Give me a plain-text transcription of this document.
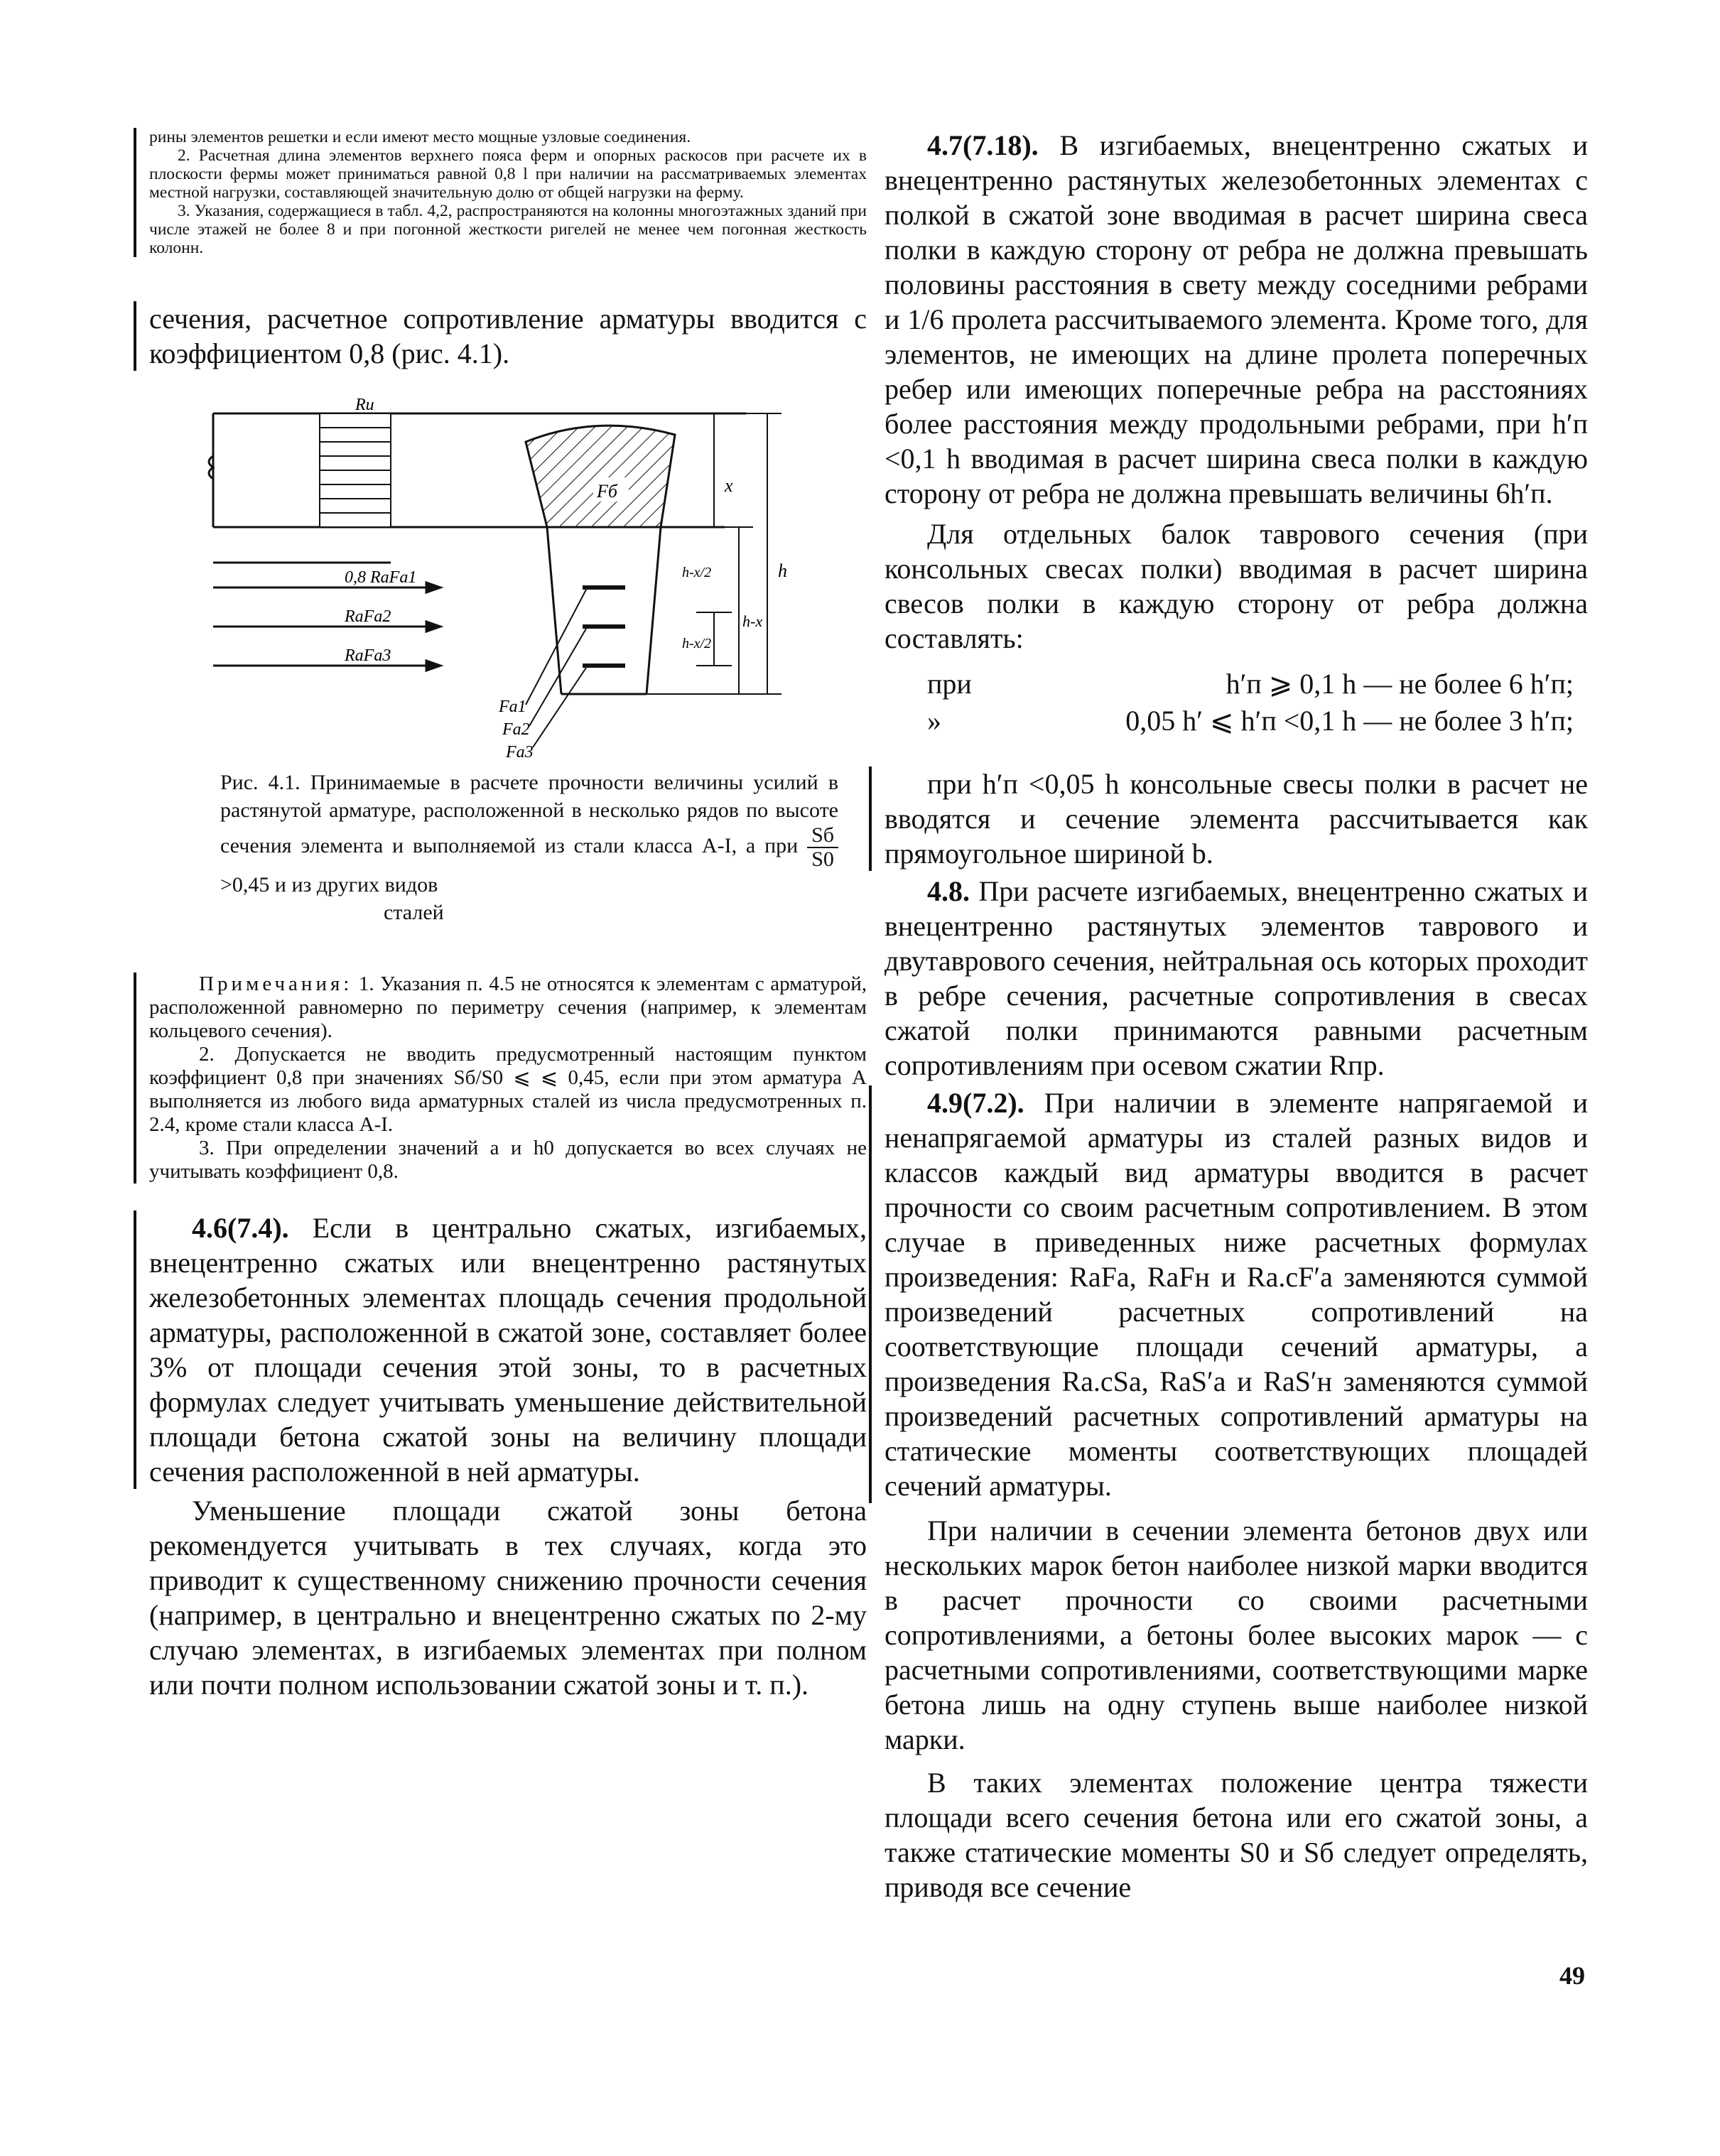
рины элементов решетки и если имеют место мощные узловые соединения.

2. Расчетная длина элементов верхнего пояса ферм и опорных раскосов при расчете их в плоскости фермы может приниматься равной 0,8 l при наличии на рассматриваемых элементах местной нагрузки, составляющей значительную долю от общей нагрузки на ферму.

3. Указания, содержащиеся в табл. 4,2, распространяются на колонны многоэтажных зданий при числе этажей не более 8 и при погонной жесткости ригелей не менее чем погонная жесткость колонн.

сечения, расчетное сопротивление арматуры вводится с коэффициентом 0,8 (рис. 4.1).

Rи
Fб
0,8 RaFa1
RaFa2
RaFa3
Fa1
Fa2
Fa3
x
h
h-x
h-x/2
h-x/2

Рис. 4.1. Принимаемые в расчете прочности величины усилий в растянутой арматуре, расположенной в несколько рядов по высоте сечения элемента и выполняемой из стали класса А-I, а при $\frac{Sб}{S0}$
>0,45 и из других видов

сталей

Примечания: 1. Указания п. 4.5 не относятся к элементам с арматурой, расположенной равномерно по периметру сечения (например, к элементам кольцевого сечения).

2. Допускается не вводить предусмотренный настоящим пунктом коэффициент 0,8 при значениях Sб/S0 ⩽ ⩽ 0,45, если при этом арматура A выполняется из любого вида арматурных сталей из числа предусмотренных п. 2.4, кроме стали класса А-I.

3. При определении значений a и h0 допускается во всех случаях не учитывать коэффициент 0,8.

4.6(7.4). Если в центрально сжатых, изгибаемых, внецентренно сжатых или внецентренно растянутых железобетонных элементах площадь сечения продольной арматуры, расположенной в сжатой зоне, составляет более 3% от площади сечения этой зоны, то в расчетных формулах следует учитывать уменьшение действительной площади бетона сжатой зоны на величину площади сечения расположенной в ней арматуры.

Уменьшение площади сжатой зоны бетона рекомендуется учитывать в тех случаях, когда это приводит к существенному снижению прочности сечения (например, в центрально и внецентренно сжатых по 2-му случаю элементах, в изгибаемых элементах при полном или почти полном использовании сжатой зоны и т. п.).

4.7(7.18). В изгибаемых, внецентренно сжатых и внецентренно растянутых железобетонных элементах с полкой в сжатой зоне вводимая в расчет ширина свеса полки в каждую сторону от ребра не должна превышать половины расстояния в свету между соседними ребрами и 1/6 пролета рассчитываемого элемента. Кроме того, для элементов, не имеющих на длине пролета поперечных ребер или имеющих поперечные ребра на расстояниях более расстояния между продольными ребрами, при h′п <0,1 h вводимая в расчет ширина свеса полки в каждую сторону от ребра не должна превышать величины 6h′п.

Для отдельных балок таврового сечения (при консольных свесах полки) вводимая в расчет ширина свесов полки в каждую сторону от ребра должна составлять:

при	h′п ⩾ 0,1 h — не более 6 h′п;
»	0,05 h′ ⩽ h′п <0,1 h — не более 3 h′п;

при h′п <0,05 h консольные свесы полки в расчет не вводятся и сечение элемента рассчитывается как прямоугольное шириной b.

4.8. При расчете изгибаемых, внецентренно сжатых и внецентренно растянутых элементов таврового и двутаврового сечения, нейтральная ось которых проходит в ребре сечения, расчетные сопротивления в свесах сжатой полки принимаются равными расчетным сопротивлениям при осевом сжатии Rпр.

4.9(7.2). При наличии в элементе напрягаемой и ненапрягаемой арматуры из сталей разных видов и классов каждый вид арматуры вводится в расчет прочности со своим расчетным сопротивлением. В этом случае в приведенных ниже расчетных формулах произведения: RaFa, RaFн и Rа.сF′a заменяются суммой произведений расчетных сопротивлений на соответствующие площади сечений арматуры, а произведения Rа.сSa, RaS′a и RaS′н заменяются суммой произведений расчетных сопротивлений арматуры на статические моменты соответствующих площадей сечений арматуры.

При наличии в сечении элемента бетонов двух или нескольких марок бетон наиболее низкой марки вводится в расчет прочности со своими расчетными сопротивлениями, а бетоны более высоких марок — с расчетными сопротивлениями, соответствующими марке бетона лишь на одну ступень выше наиболее низкой марки.

В таких элементах положение центра тяжести площади всего сечения бетона или его сжатой зоны, а также статические моменты S0 и Sб следует определять, приводя все сечение

49
